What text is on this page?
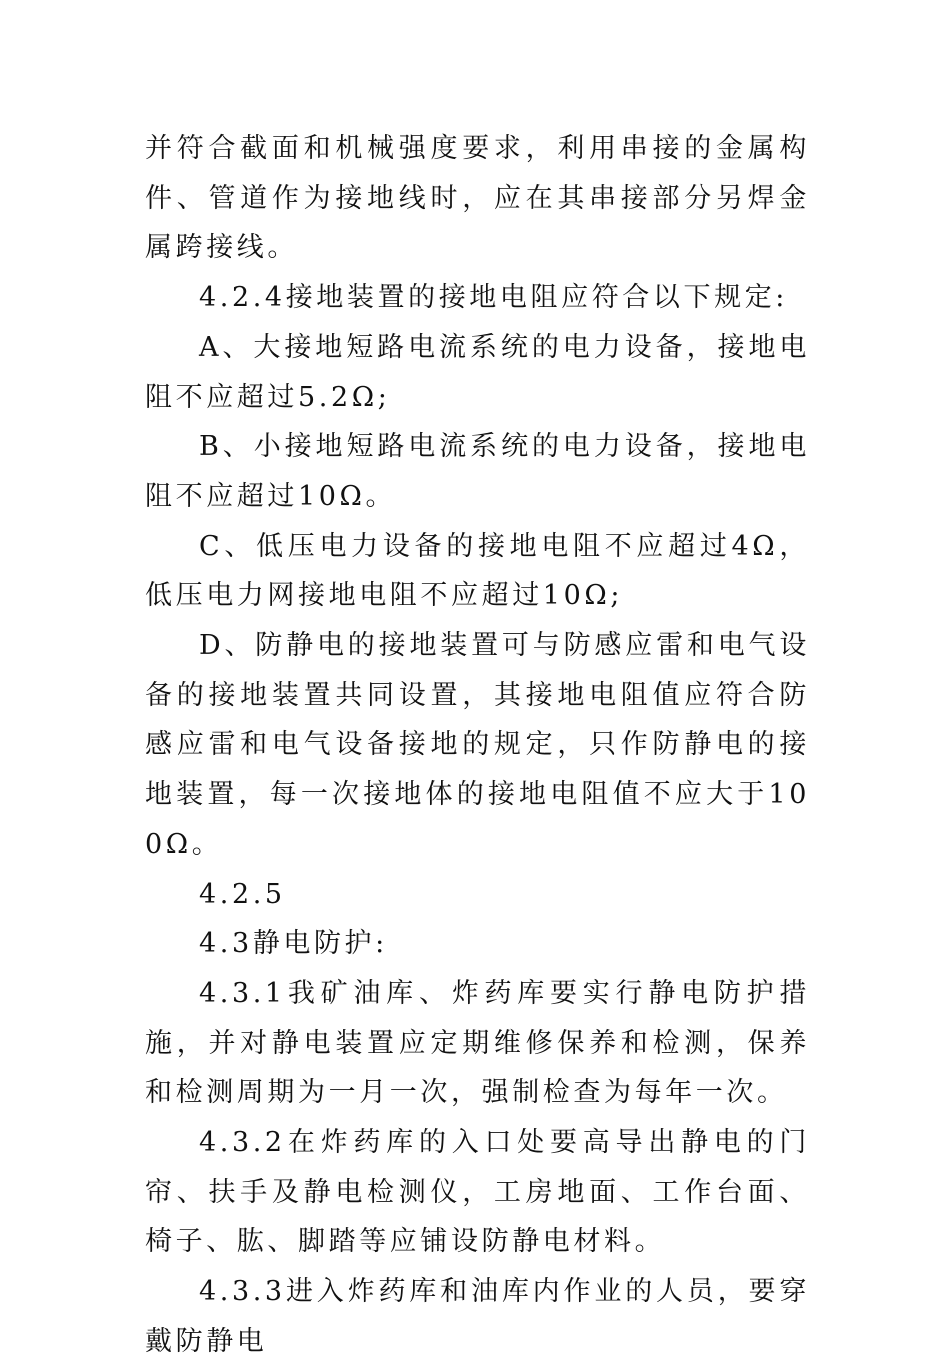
并符合截面和机械强度要求，利用串接的金属构件、管道作为接地线时，应在其串接部分另焊金属跨接线。

4.2.4接地装置的接地电阻应符合以下规定:

A、大接地短路电流系统的电力设备，接地电阻不应超过5.2Ω;

B、小接地短路电流系统的电力设备，接地电阻不应超过10Ω。

C、低压电力设备的接地电阻不应超过4Ω，低压电力网接地电阻不应超过10Ω;

D、防静电的接地装置可与防感应雷和电气设备的接地装置共同设置，其接地电阻值应符合防感应雷和电气设备接地的规定，只作防静电的接地装置，每一次接地体的接地电阻值不应大于100Ω。

4.2.5

4.3静电防护:

4.3.1我矿油库、炸药库要实行静电防护措施，并对静电装置应定期维修保养和检测，保养和检测周期为一月一次，强制检查为每年一次。

4.3.2在炸药库的入口处要高导出静电的门帘、扶手及静电检测仪，工房地面、工作台面、椅子、肱、脚踏等应铺设防静电材料。

4.3.3进入炸药库和油库内作业的人员，要穿戴防静电
